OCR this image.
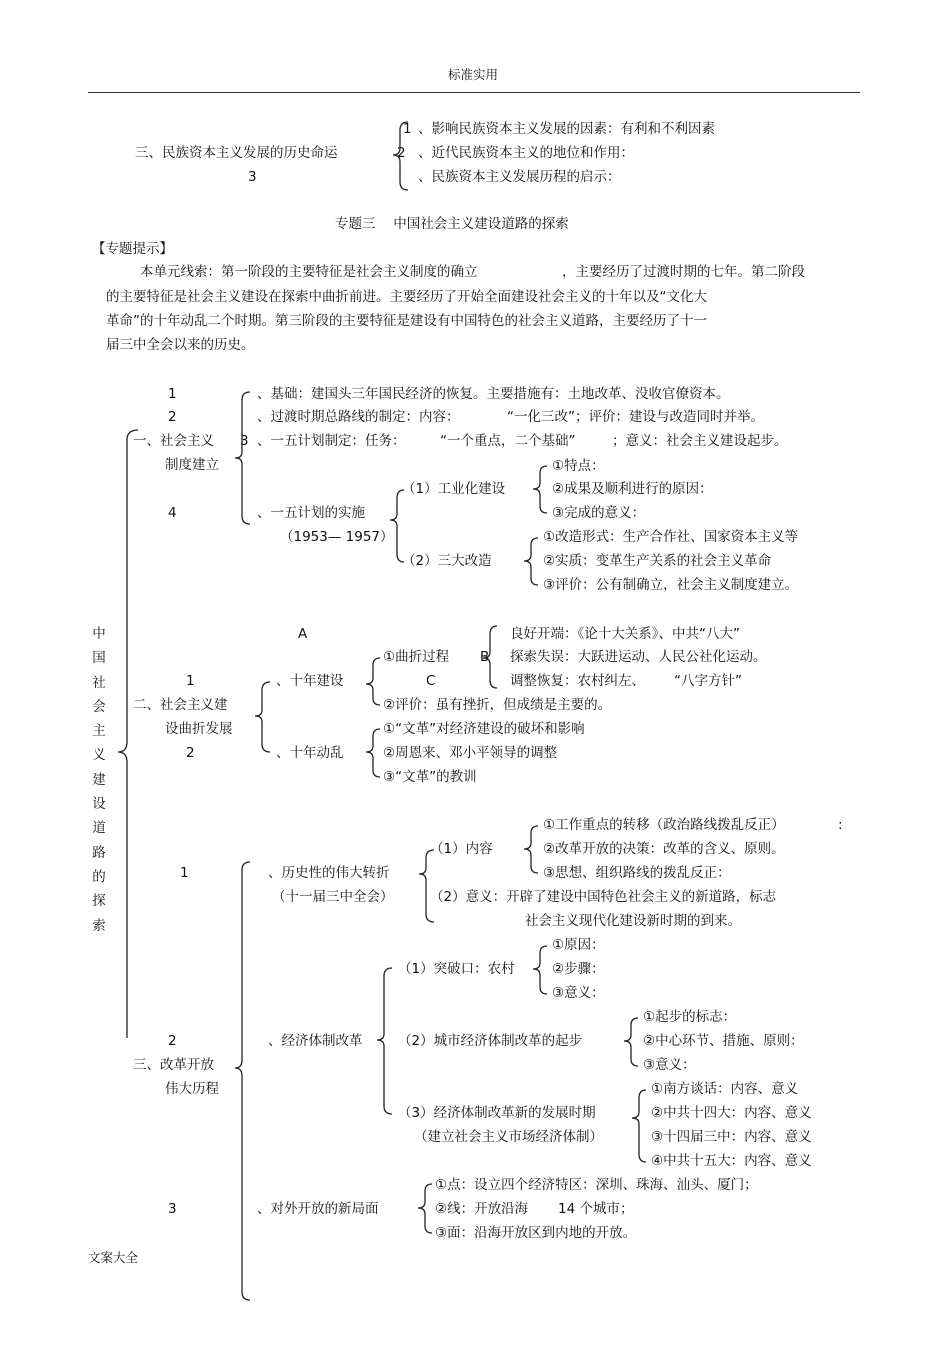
标准实用
三、民族资本主义发展的历史命运
3
1
2
、影响民族资本主义发展的因素：有利和不利因素
、近代民族资本主义的地位和作用：
、民族资本主义发展历程的启示：
专题三　 中国社会主义建设道路的探索
【专题提示】
本单元线索：第一阶段的主要特征是社会主义制度的确立	，主要经历了过渡时期的七年。第二阶段
的主要特征是社会主义建设在探索中曲折前进。主要经历了开始全面建设社会主义的十年以及“文化大
革命”的十年动乱二个时期。第三阶段的主要特征是建设有中国特色的社会主义道路，主要经历了十一
届三中全会以来的历史。
中
国
社
会
主
义
建
设
道
路
的
探
索
一、社会主义
制度建立
1
2
3
4
、基础：建国头三年国民经济的恢复。主要措施有：土地改革、没收官僚资本。
、过渡时期总路线的制定：内容：	“一化三改”；评价：建设与改造同时并举。
、一五计划制定：任务：	“一个重点，二个基础”	；意义：社会主义建设起步。
、一五计划的实施
（1953— 1957）
（1）工业化建设
①特点：
②成果及顺利进行的原因：
③完成的意义：
（2）三大改造
①改造形式：生产合作社、国家资本主义等
②实质：变革生产关系的社会主义革命
③评价：公有制确立，社会主义制度建立。
二、社会主义建
设曲折发展
1
2
A
B
C
、十年建设
①曲折过程
良好开端：《论十大关系》、中共“八大”
探索失误：大跃进运动、人民公社化运动。
调整恢复：农村纠左、 “八字方针”
②评价：虽有挫折，但成绩是主要的。
、十年动乱
①“文革”对经济建设的破坏和影响
②周恩来、邓小平领导的调整
③“文革”的教训
三、改革开放
伟大历程
1
2
3
、历史性的伟大转折
（十一届三中全会）
（1）内容
①工作重点的转移（政治路线拨乱反正）	:
②改革开放的决策：改革的含义、原则。
③思想、组织路线的拨乱反正：
（2）意义：开辟了建设中国特色社会主义的新道路，标志
社会主义现代化建设新时期的到来。
、经济体制改革
（1）突破口：农村
①原因：
②步骤：
③意义：
（2）城市经济体制改革的起步
①起步的标志：
②中心环节、措施、原则：
③意义：
（3）经济体制改革新的发展时期
（建立社会主义市场经济体制）
①南方谈话：内容、意义
②中共十四大：内容、意义
③十四届三中：内容、意义
④中共十五大：内容、意义
、对外开放的新局面
①点：设立四个经济特区：深圳、珠海、汕头、厦门；
②线：开放沿海 14 个城市；
③面：沿海开放区到内地的开放。
文案大全
